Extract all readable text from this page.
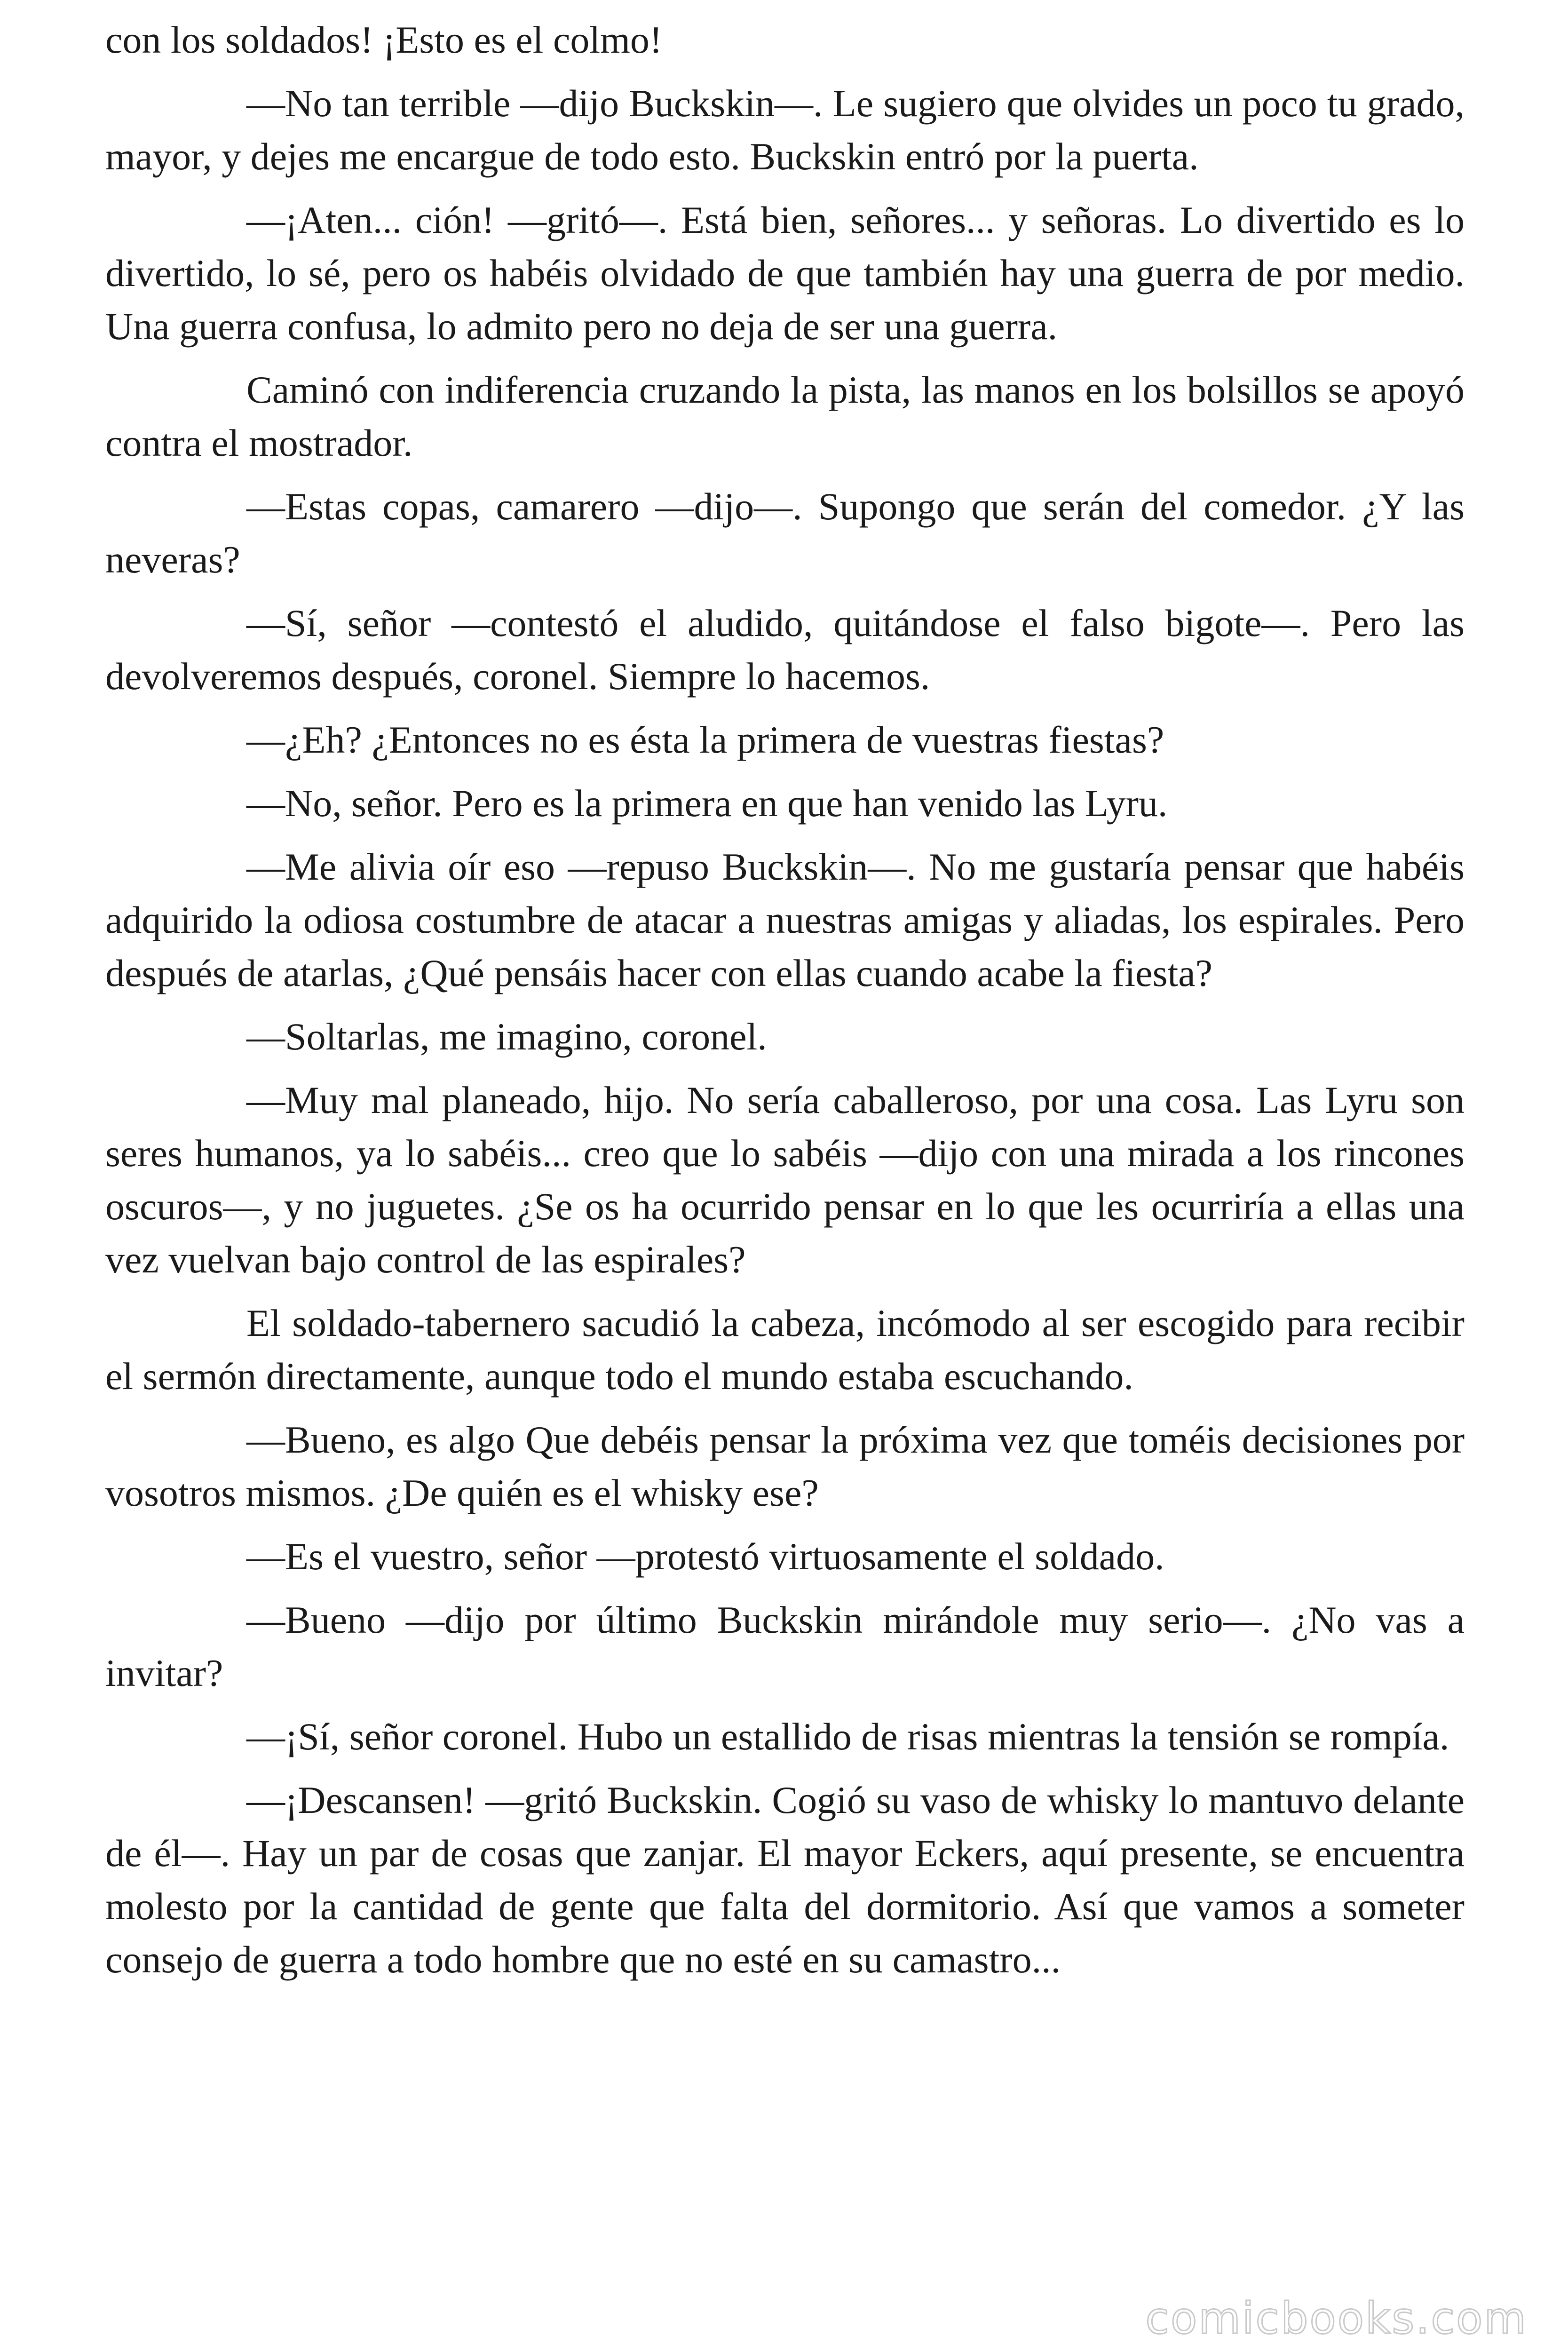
con los soldados! ¡Esto es el colmo!

—No tan terrible —dijo Buckskin—. Le sugiero que olvides un poco tu grado, mayor, y dejes me encargue de todo esto. Buckskin entró por la puerta.

—¡Aten... ción! —gritó—. Está bien, señores... y señoras. Lo divertido es lo divertido, lo sé, pero os habéis olvidado de que también hay una guerra de por medio. Una guerra confusa, lo admito pero no deja de ser una guerra.

Caminó con indiferencia cruzando la pista, las manos en los bolsillos se apoyó contra el mostrador.

—Estas copas, camarero —dijo—. Supongo que serán del comedor. ¿Y las neveras?

—Sí, señor —contestó el aludido, quitándose el falso bigote—. Pero las devolveremos después, coronel. Siempre lo hacemos.

—¿Eh? ¿Entonces no es ésta la primera de vuestras fiestas?

—No, señor. Pero es la primera en que han venido las Lyru.

—Me alivia oír eso —repuso Buckskin—. No me gustaría pensar que habéis adquirido la odiosa costumbre de atacar a nuestras amigas y aliadas, los espirales. Pero después de atarlas, ¿Qué pensáis hacer con ellas cuando acabe la fiesta?

—Soltarlas, me imagino, coronel.

—Muy mal planeado, hijo. No sería caballeroso, por una cosa. Las Lyru son seres humanos, ya lo sabéis... creo que lo sabéis —dijo con una mirada a los rincones oscuros—, y no juguetes. ¿Se os ha ocurrido pensar en lo que les ocurriría a ellas una vez vuelvan bajo control de las espirales?

El soldado-tabernero sacudió la cabeza, incómodo al ser escogido para recibir el sermón directamente, aunque todo el mundo estaba escuchando.

—Bueno, es algo Que debéis pensar la próxima vez que toméis decisiones por vosotros mismos. ¿De quién es el whisky ese?

—Es el vuestro, señor —protestó virtuosamente el soldado.

—Bueno —dijo por último Buckskin mirándole muy serio—. ¿No vas a invitar?

—¡Sí, señor coronel. Hubo un estallido de risas mientras la tensión se rompía.

—¡Descansen! —gritó Buckskin. Cogió su vaso de whisky lo mantuvo delante de él—. Hay un par de cosas que zanjar. El mayor Eckers, aquí presente, se encuentra molesto por la cantidad de gente que falta del dormitorio. Así que vamos a someter consejo de guerra a todo hombre que no esté en su camastro...

comicbooks.com
